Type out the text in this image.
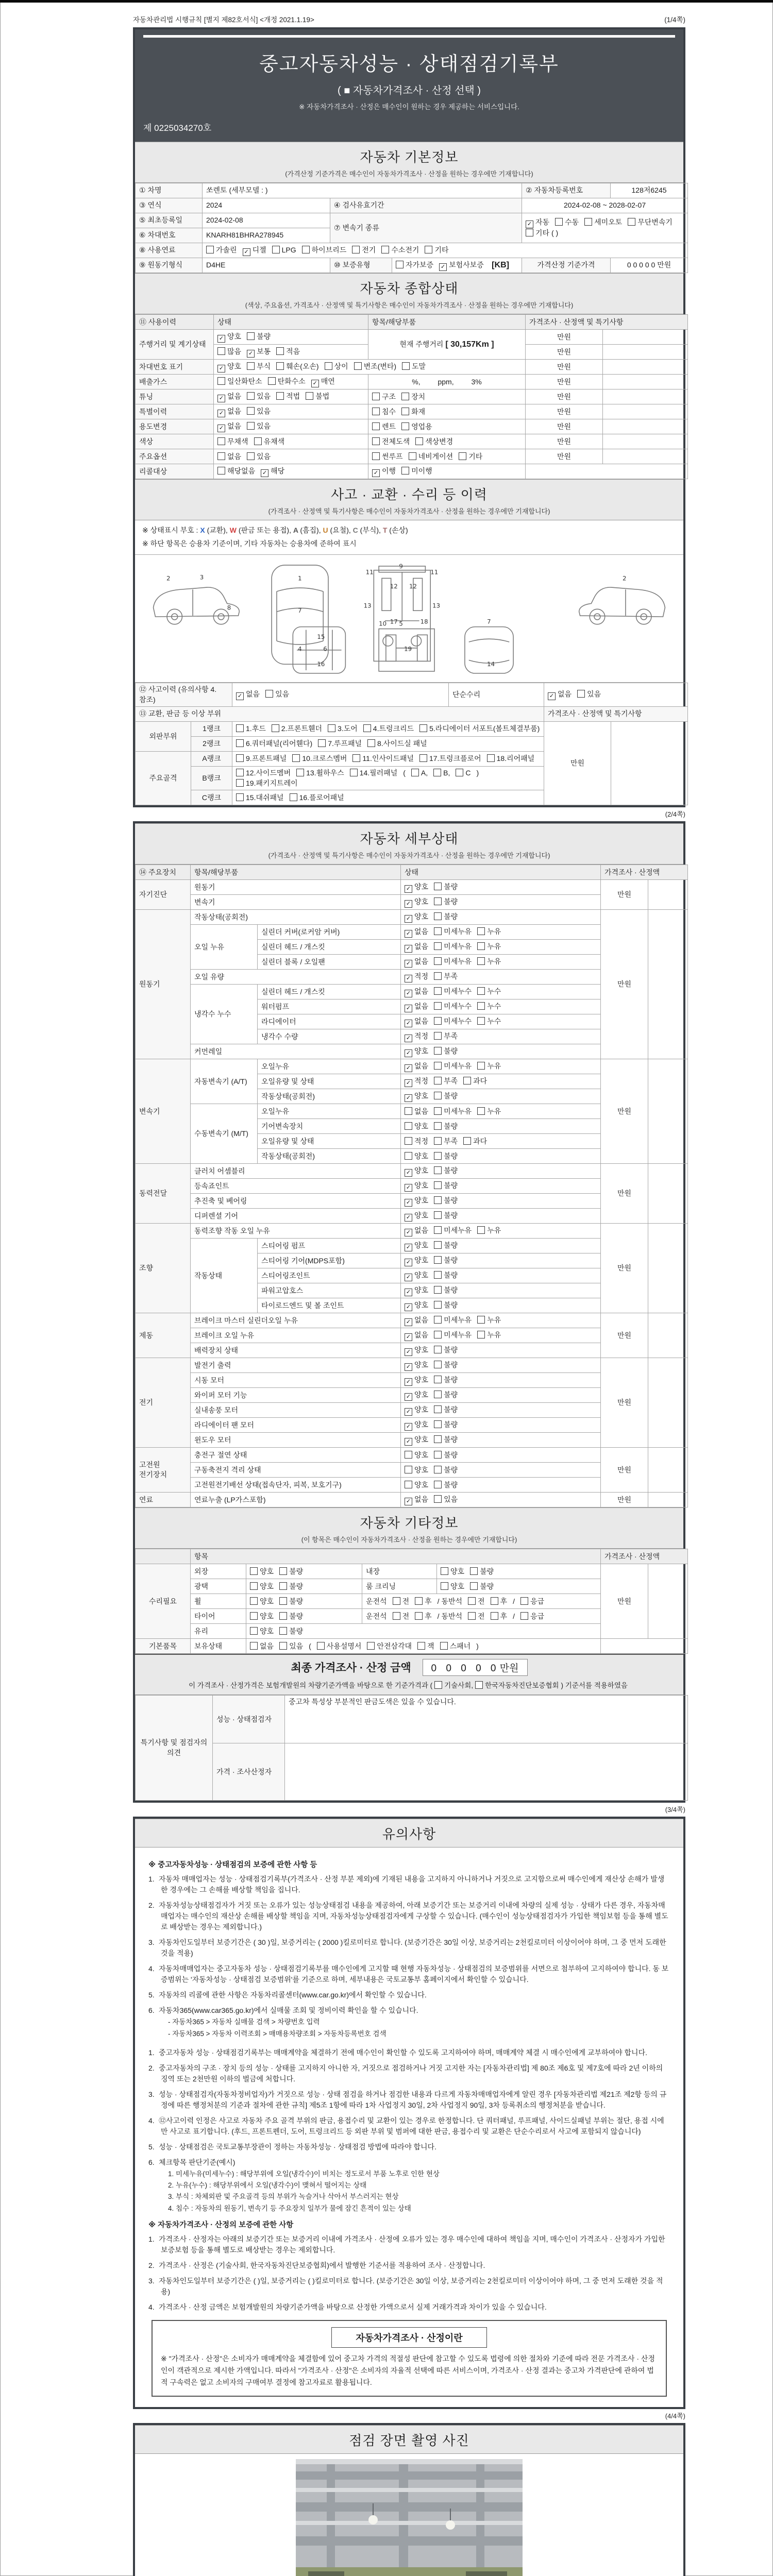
자동차관리법 시행규칙 [별지 제82호서식] <개정 2021.1.19>	(1/4쪽)
중고자동차성능 · 상태점검기록부
( ■ 자동차가격조사 · 산정 선택 )
※ 자동차가격조사 · 산정은 매수인이 원하는 경우 제공하는 서비스입니다.
제 0225034270호
자동차 기본정보
(가격산정 기준가격은 매수인이 자동차가격조사 · 산정을 원하는 경우에만 기재합니다)
① 차명	쏘렌토 (세부모델 : )			② 자동차등록번호	128저6245
③ 연식	2024	④ 검사유효기간		2024-02-08 ~ 2028-02-07	
⑤ 최초등록일	2024-02-08	⑦ 변속기 종류		✓ 자동 수동 세미오토 무단변속기기타 ( )	
⑥ 차대번호	KNARH81BHRA278945				
⑧ 사용연료	가솔린 ✓ 디젤 LPG 하이브리드 전기 수소전기 기타				
⑨ 원동기형식	D4HE	⑩ 보증유형	자가보증 ✓ 보험사보증 [KB]	가격산정 기준가격	0 0 0 0 0 만원
자동차 종합상태
(색상, 주요옵션, 가격조사 · 산정액 및 특기사항은 매수인이 자동차가격조사 · 산정을 원하는 경우에만 기재합니다)
⑪ 사용이력	상태	항목/해당부품	가격조사 · 산정액 및 특기사항	
주행거리 및 계기상태	✓ 양호 불량	현재 주행거리 [ 30,157Km ]	만원	
	많음 ✓ 보통 적음		만원	
차대번호 표기	✓ 양호 부식 훼손(오손) 상이 변조(변타) 도말		만원	
배출가스	일산화탄소 탄화수소 ✓ 매연	%, ppm, 3%	만원	
튜닝	✓ 없음 있음 적법 불법	구조 장치	만원	
특별이력	✓ 없음 있음	침수 화재	만원	
용도변경	✓ 없음 있음	렌트 영업용	만원	
색상	무채색 유채색	전체도색 색상변경	만원	
주요옵션	없음 있음	썬루프 네비게이션 기타	만원	
리콜대상	해당없음 ✓ 해당	✓ 이행 미이행		
사고 · 교환 · 수리 등 이력
(가격조사 · 산정액 및 특기사항은 매수인이 자동차가격조사 · 산정을 원하는 경우에만 기재합니다)
※ 상태표시 부호 : X (교환), W (판금 또는 용접), A (흠집), U (요철), C (부식), T (손상)
※ 하단 항목은 승용차 기준이며, 기타 자동차는 승용차에 준하여 표시
2	3
8
1
7
4	6
11	11
13	13
12 12
9
5
10
2
15
16
17	18
19
7
14
⑫ 사고이력 (유의사항 4.참조)		✓ 없음 있음	단순수리	✓ 없음 있음	
⑬ 교환, 판금 등 이상 부위				가격조사 · 산정액 및 특기사항	
외판부위	1랭크	1.후드 2.프론트휀더 3.도어 4.트렁크리드 5.라디에이터 서포트(볼트체결부품)		만원	
	2랭크	6.쿼터패널(리어휀다) 7.루프패널 8.사이드실 패널			
주요골격	A랭크	9.프론트패널 10.크로스멤버 11.인사이드패널 17.트렁크플로어 18.리어패널			
	B랭크	12.사이드멤버 13.휠하우스 14.필러패널 ( A, B, C )19.패키지트레이			
	C랭크	15.대쉬패널 16.플로어패널			
(2/4쪽)
자동차 세부상태
(가격조사 · 산정액 및 특기사항은 매수인이 자동차가격조사 · 산정을 원하는 경우에만 기재합니다)
⑭ 주요장치	항목/해당부품		상태	가격조사 · 산정액	
자기진단	원동기		✓ 양호 불량	만원	
	변속기		✓ 양호 불량		
원동기	작동상태(공회전)		✓ 양호 불량	만원	
	오일 누유	실린더 커버(로커암 커버)	✓ 없음 미세누유 누유		
		실린더 헤드 / 개스킷	✓ 없음 미세누유 누유		
		실린더 블록 / 오일팬	✓ 없음 미세누유 누유		
	오일 유량		✓ 적정 부족		
	냉각수 누수	실린더 헤드 / 개스킷	✓ 없음 미세누수 누수		
		워터펌프	✓ 없음 미세누수 누수		
		라디에이터	✓ 없음 미세누수 누수		
		냉각수 수량	✓ 적정 부족		
	커먼레일		✓ 양호 불량		
변속기	자동변속기 (A/T)	오일누유	✓ 없음 미세누유 누유	만원	
		오일유량 및 상태	✓ 적정 부족 과다		
		작동상태(공회전)	✓ 양호 불량		
	수동변속기 (M/T)	오일누유	없음 미세누유 누유		
		기어변속장치	양호 불량		
		오일유량 및 상태	적정 부족 과다		
		작동상태(공회전)	양호 불량		
동력전달	클러치 어셈블리		✓ 양호 불량	만원	
	등속죠인트		✓ 양호 불량		
	추진축 및 베어링		✓ 양호 불량		
	디퍼렌셜 기어		✓ 양호 불량		
조향	동력조향 작동 오일 누유		✓ 없음 미세누유 누유	만원	
	작동상태	스티어링 펌프	✓ 양호 불량		
		스티어링 기어(MDPS포함)	✓ 양호 불량		
		스티어링조인트	✓ 양호 불량		
		파워고압호스	✓ 양호 불량		
		타이로드엔드 및 볼 조인트	✓ 양호 불량		
제동	브레이크 마스터 실린더오일 누유		✓ 없음 미세누유 누유	만원	
	브레이크 오일 누유		✓ 없음 미세누유 누유		
	배력장치 상태		✓ 양호 불량		
전기	발전기 출력		✓ 양호 불량	만원	
	시동 모터		✓ 양호 불량		
	와이퍼 모터 기능		✓ 양호 불량		
	실내송풍 모터		✓ 양호 불량		
	라디에이터 팬 모터		✓ 양호 불량		
	윈도우 모터		✓ 양호 불량		
고전원 전기장치	충전구 절연 상태		양호 불량	만원	
	구동축전지 격리 상태		양호 불량		
	고전원전기배선 상태(접속단자, 피복, 보호기구)		양호 불량		
연료	연료누출 (LP가스포함)		✓ 없음 있음	만원	
자동차 기타정보
(이 항목은 매수인이 자동차가격조사 · 산정을 원하는 경우에만 기재합니다)
	항목				가격조사 · 산정액	
수리필요	외장	양호 불량	내장	양호 불량	만원	
	광택	양호 불량	룸 크리닝	양호 불량		
	휠	양호 불량	운전석 전 후 / 동반석 전 후 / 응급			
	타이어	양호 불량	운전석 전 후 / 동반석 전 후 / 응급			
	유리	양호 불량				
기본품목	보유상태	없음 있음 ( 사용설명서 안전삼각대 잭 스패너 )				
최종 가격조사 · 산정 금액 0 0 0 0 0 만원
이 가격조사 · 산정가격은 보험개발원의 차량기준가액을 바탕으로 한 기준가격과 ( 기술사회, 한국자동차진단보증협회 ) 기준서를 적용하였음
특기사항 및 점검자의 의견	성능 · 상태점검자	중고차 특성상 부분적인 판금도색은 있을 수 있습니다.
	가격 · 조사산정자	
(3/4쪽)
유의사항
※ 중고자동차성능 · 상태점검의 보증에 관한 사항 등
1. 자동차 매매업자는 성능 · 상태점검기록부(가격조사 · 산정 부분 제외)에 기재된 내용을 고지하지 아니하거나 거짓으로 고지함으로써 매수인에게 재산상 손해가 발생한 경우에는 그 손해를 배상할 책임을 집니다.
2. 자동차성능상태점검자가 거짓 또는 오류가 있는 성능상태점검 내용을 제공하여, 아래 보증기간 또는 보증거리 이내에 차량의 실제 성능 · 상태가 다른 경우, 자동차매매업자는 매수인의 재산상 손해를 배상할 책임을 지며, 자동차성능상태점검자에게 구상할 수 있습니다. (매수인이 성능상태점검자가 가입한 책임보험 등을 통해 별도로 배상받는 경우는 제외합니다.)
3. 자동차인도일부터 보증기간은 ( 30 )일, 보증거리는 ( 2000 )킬로미터로 합니다. (보증기간은 30일 이상, 보증거리는 2천킬로미터 이상이어야 하며, 그 중 먼저 도래한 것을 적용)
4. 자동차매매업자는 중고자동차 성능 · 상태점검기록부를 매수인에게 고지할 때 현행 자동차성능 · 상태점검의 보증범위를 서면으로 첨부하여 고지하여야 합니다. 동 보증범위는 '자동차성능 · 상태점검 보증범위'를 기준으로 하며, 세부내용은 국토교통부 홈페이지에서 확인할 수 있습니다.
5. 자동차의 리콜에 관한 사항은 자동차리콜센터(www.car.go.kr)에서 확인할 수 있습니다.
6. 자동차365(www.car365.go.kr)에서 실매물 조회 및 정비이력 확인을 할 수 있습니다.
- 자동차365 > 자동차 실매물 검색 > 차량번호 입력
- 자동차365 > 자동차 이력조회 > 매매용차량조회 > 자동차등록번호 검색
1. 중고자동차 성능 · 상태점검기록부는 매매계약을 체결하기 전에 매수인이 확인할 수 있도록 고지하여야 하며, 매매계약 체결 시 매수인에게 교부하여야 합니다.
2. 중고자동차의 구조 · 장치 등의 성능 · 상태를 고지하지 아니한 자, 거짓으로 점검하거나 거짓 고지한 자는 [자동차관리법] 제 80조 제6호 및 제7호에 따라 2년 이하의 징역 또는 2천만원 이하의 벌금에 처합니다.
3. 성능 · 상태점검자(자동차정비업자)가 거짓으로 성능 · 상태 점검을 하거나 점검한 내용과 다르게 자동차매매업자에게 알린 경우 [자동차관리법 제21조 제2항 등의 규정에 따른 행정처분의 기준과 절차에 관한 규칙] 제5조 1항에 따라 1차 사업정지 30일, 2차 사업정지 90일, 3차 등록취소의 행정처분을 받습니다.
4. ⑫사고이력 인정은 사고로 자동차 주요 골격 부위의 판금, 용접수리 및 교환이 있는 경우로 한정합니다. 단 쿼터패널, 루프패널, 사이드실패널 부위는 절단, 용접 시에만 사고로 표기합니다. (후드, 프론트펜더, 도어, 트렁크리드 등 외판 부위 및 범퍼에 대한 판금, 용접수리 및 교환은 단순수리로서 사고에 포함되지 않습니다)
5. 성능 · 상태점검은 국토교통부장관이 정하는 자동차성능 · 상태점검 방법에 따라야 합니다.
6. 체크항목 판단기준(예시)
1. 미세누유(미세누수) : 해당부위에 오일(냉각수)이 비치는 정도로서 부품 노후로 인한 현상
2. 누유(누수) : 해당부위에서 오일(냉각수)이 맺혀서 떨어지는 상태
3. 부식 : 차체외판 및 주요골격 등의 부위가 녹슬거나 삭아서 부스러지는 현상
4. 침수 : 자동차의 원동기, 변속기 등 주요장치 일부가 물에 잠긴 흔적이 있는 상태
※ 자동차가격조사 · 산정의 보증에 관한 사항
1. 가격조사 · 산정자는 아래의 보증기간 또는 보증거리 이내에 가격조사 · 산정에 오류가 있는 경우 매수인에 대하여 책임을 지며, 매수인이 가격조사 · 산정자가 가입한 보증보험 등을 통해 별도로 배상받는 경우는 제외합니다.
2. 가격조사 · 산정은 (기술사회, 한국자동차진단보증협회)에서 발행한 기준서를 적용하여 조사 · 산정합니다.
3. 자동차인도일부터 보증기간은 ( )일, 보증거리는 ( )킬로미터로 합니다. (보증기간은 30일 이상, 보증거리는 2천킬로미터 이상이어야 하며, 그 중 먼저 도래한 것을 적용)
4. 가격조사 · 산정 금액은 보험개발원의 차량기준가액을 바탕으로 산정한 가액으로서 실제 거래가격과 차이가 있을 수 있습니다.
자동차가격조사 · 산정이란
※ "가격조사 · 산정"은 소비자가 매매계약을 체결함에 있어 중고차 가격의 적절성 판단에 참고할 수 있도록 법령에 의한 절차와 기준에 따라 전문 가격조사 · 산정인이 객관적으로 제시한 가액입니다. 따라서 "가격조사 · 산정"은 소비자의 자율적 선택에 따른 서비스이며, 가격조사 · 산정 결과는 중고차 가격판단에 관하여 법적 구속력은 없고 소비자의 구매여부 결정에 참고자료로 활용됩니다.
(4/4쪽)
점검 장면 촬영 사진
